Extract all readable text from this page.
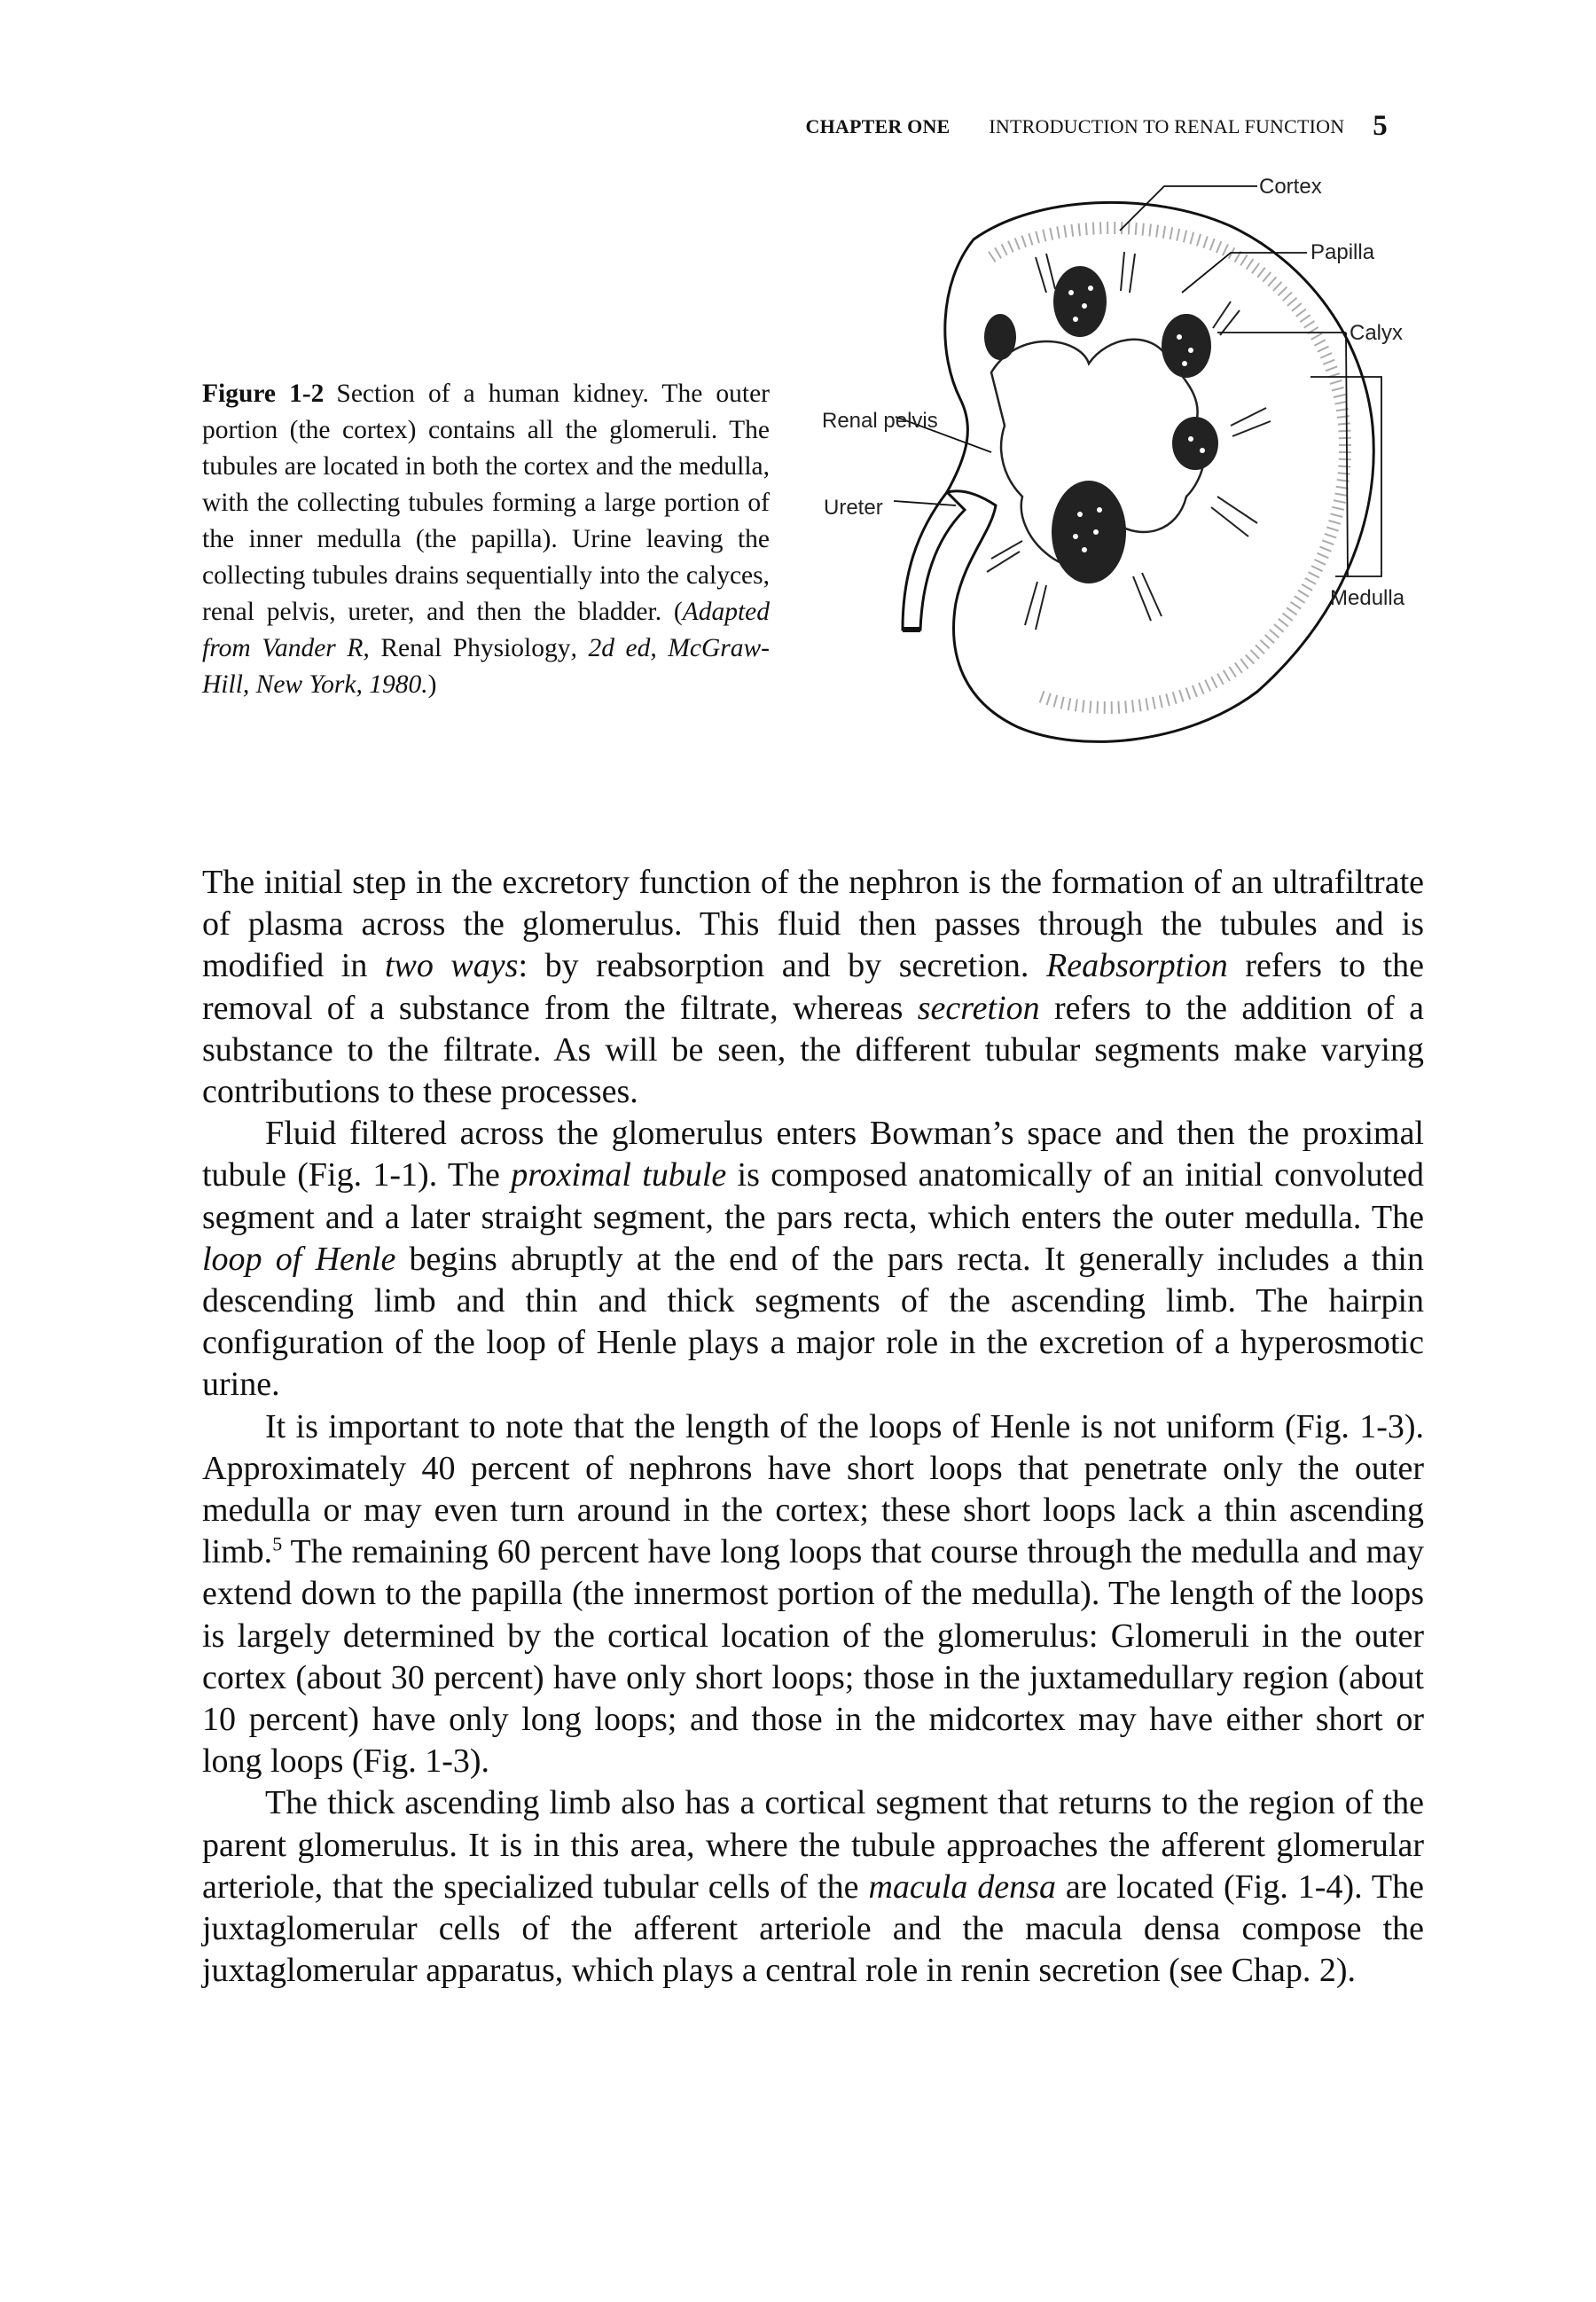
CHAPTER ONE INTRODUCTION TO RENAL FUNCTION 5
Figure 1-2 Section of a human kidney. The outer portion (the cortex) contains all the glomeruli. The tubules are located in both the cortex and the medulla, with the collecting tubules forming a large portion of the inner medulla (the papilla). Urine leaving the collecting tubules drains sequentially into the calyces, renal pelvis, ureter, and then the bladder. (Adapted from Vander R, Renal Physiology, 2d ed, McGraw-Hill, New York, 1980.)
Cortex
Papilla
Calyx
Renal pelvis
Ureter
Medulla

The initial step in the excretory function of the nephron is the formation of an ultrafiltrate of plasma across the glomerulus. This fluid then passes through the tubules and is modified in two ways: by reabsorption and by secretion. Reabsorption refers to the removal of a substance from the filtrate, whereas secretion refers to the addition of a substance to the filtrate. As will be seen, the different tubular segments make varying contributions to these processes.

Fluid filtered across the glomerulus enters Bowman’s space and then the proximal tubule (Fig. 1-1). The proximal tubule is composed anatomically of an initial convoluted segment and a later straight segment, the pars recta, which enters the outer medulla. The loop of Henle begins abruptly at the end of the pars recta. It generally includes a thin descending limb and thin and thick segments of the ascending limb. The hairpin configuration of the loop of Henle plays a major role in the excretion of a hyperosmotic urine.

It is important to note that the length of the loops of Henle is not uniform (Fig. 1-3). Approximately 40 percent of nephrons have short loops that penetrate only the outer medulla or may even turn around in the cortex; these short loops lack a thin ascending limb.$^5$ The remaining 60 percent have long loops that course through the medulla and may extend down to the papilla (the innermost portion of the medulla). The length of the loops is largely determined by the cortical location of the glomerulus: Glomeruli in the outer cortex (about 30 percent) have only short loops; those in the juxtamedullary region (about 10 percent) have only long loops; and those in the midcortex may have either short or long loops (Fig. 1-3).

The thick ascending limb also has a cortical segment that returns to the region of the parent glomerulus. It is in this area, where the tubule approaches the afferent glomerular arteriole, that the specialized tubular cells of the macula densa are located (Fig. 1-4). The juxtaglomerular cells of the afferent arteriole and the macula densa compose the juxtaglomerular apparatus, which plays a central role in renin secretion (see Chap. 2).
